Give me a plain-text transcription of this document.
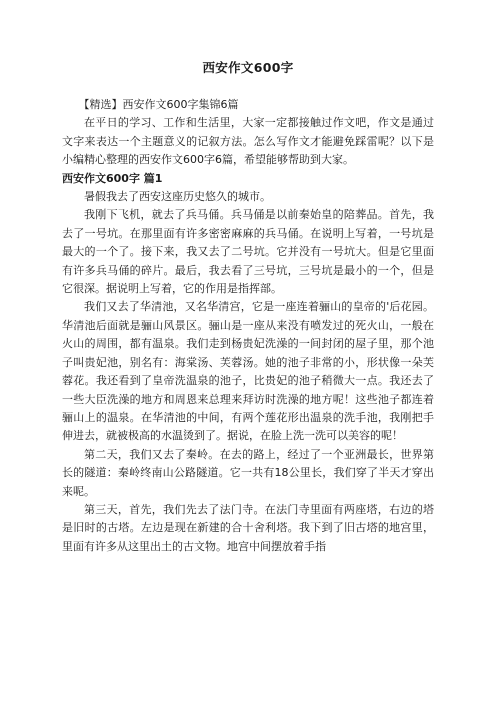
西安作文600字

【精选】西安作文600字集锦6篇

在平日的学习、工作和生活里，大家一定都接触过作文吧，作文是通过文字来表达一个主题意义的记叙方法。怎么写作文才能避免踩雷呢？以下是小编精心整理的西安作文600字6篇，希望能够帮助到大家。

西安作文600字 篇1

暑假我去了西安这座历史悠久的城市。

我刚下飞机，就去了兵马俑。兵马俑是以前秦始皇的陪葬品。首先，我去了一号坑。在那里面有许多密密麻麻的兵马俑。在说明上写着，一号坑是最大的一个了。接下来，我又去了二号坑。它并没有一号坑大。但是它里面有许多兵马俑的碎片。最后，我去看了三号坑，三号坑是最小的一个，但是它很深。据说明上写着，它的作用是指挥部。

我们又去了华清池，又名华清宫，它是一座连着骊山的皇帝的'后花园。华清池后面就是骊山风景区。骊山是一座从来没有喷发过的死火山，一般在火山的周围，都有温泉。我们走到杨贵妃洗澡的一间封闭的屋子里，那个池子叫贵妃池，别名有：海棠汤、芙蓉汤。她的池子非常的小，形状像一朵芙蓉花。我还看到了皇帝洗温泉的池子，比贵妃的池子稍微大一点。我还去了一些大臣洗澡的地方和周恩来总理来拜访时洗澡的地方呢！这些池子都连着骊山上的温泉。在华清池的中间，有两个莲花形出温泉的洗手池，我刚把手伸进去，就被极高的水温烫到了。据说，在脸上洗一洗可以美容的呢！

第二天，我们又去了秦岭。在去的路上，经过了一个亚洲最长，世界第长的隧道：秦岭终南山公路隧道。它一共有18公里长，我们穿了半天才穿出来呢。

第三天，首先，我们先去了法门寺。在法门寺里面有两座塔，右边的塔是旧时的古塔。左边是现在新建的合十舍利塔。我下到了旧古塔的地宫里，里面有许多从这里出土的古文物。地宫中间摆放着手指
